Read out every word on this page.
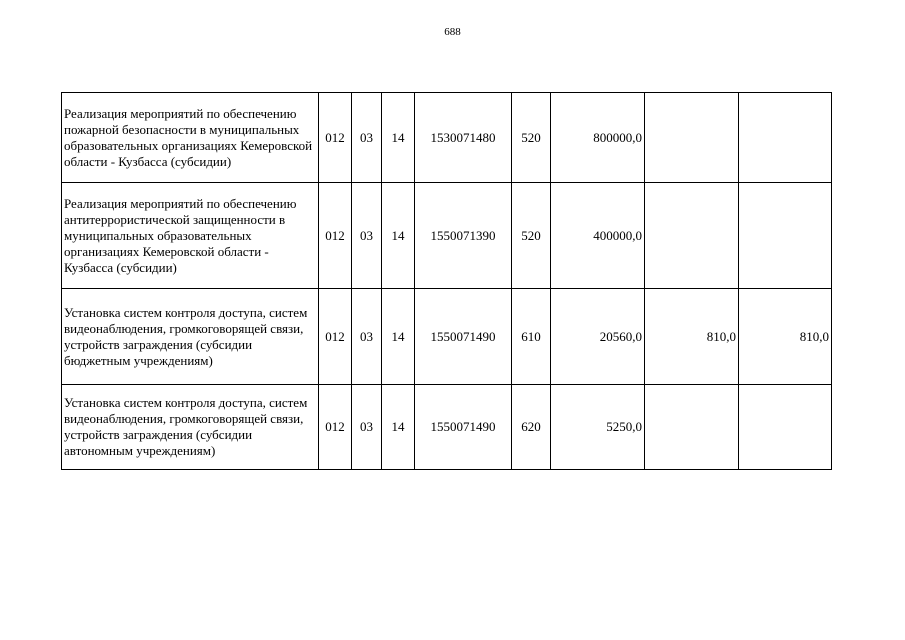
688
Реализация мероприятий по обеспечению пожарной безопасности в муниципальных образовательных организациях Кемеровской области - Кузбасса (субсидии)	012	03	14	1530071480	520	800000,0		
Реализация мероприятий по обеспечению антитеррористической защищенности в муниципальных образовательных организациях Кемеровской области - Кузбасса (субсидии)	012	03	14	1550071390	520	400000,0		
Установка систем контроля доступа, систем видеонаблюдения, громкоговорящей связи, устройств заграждения (субсидии бюджетным учреждениям)	012	03	14	1550071490	610	20560,0	810,0	810,0
Установка систем контроля доступа, систем видеонаблюдения, громкоговорящей связи, устройств заграждения (субсидии автономным учреждениям)	012	03	14	1550071490	620	5250,0		
